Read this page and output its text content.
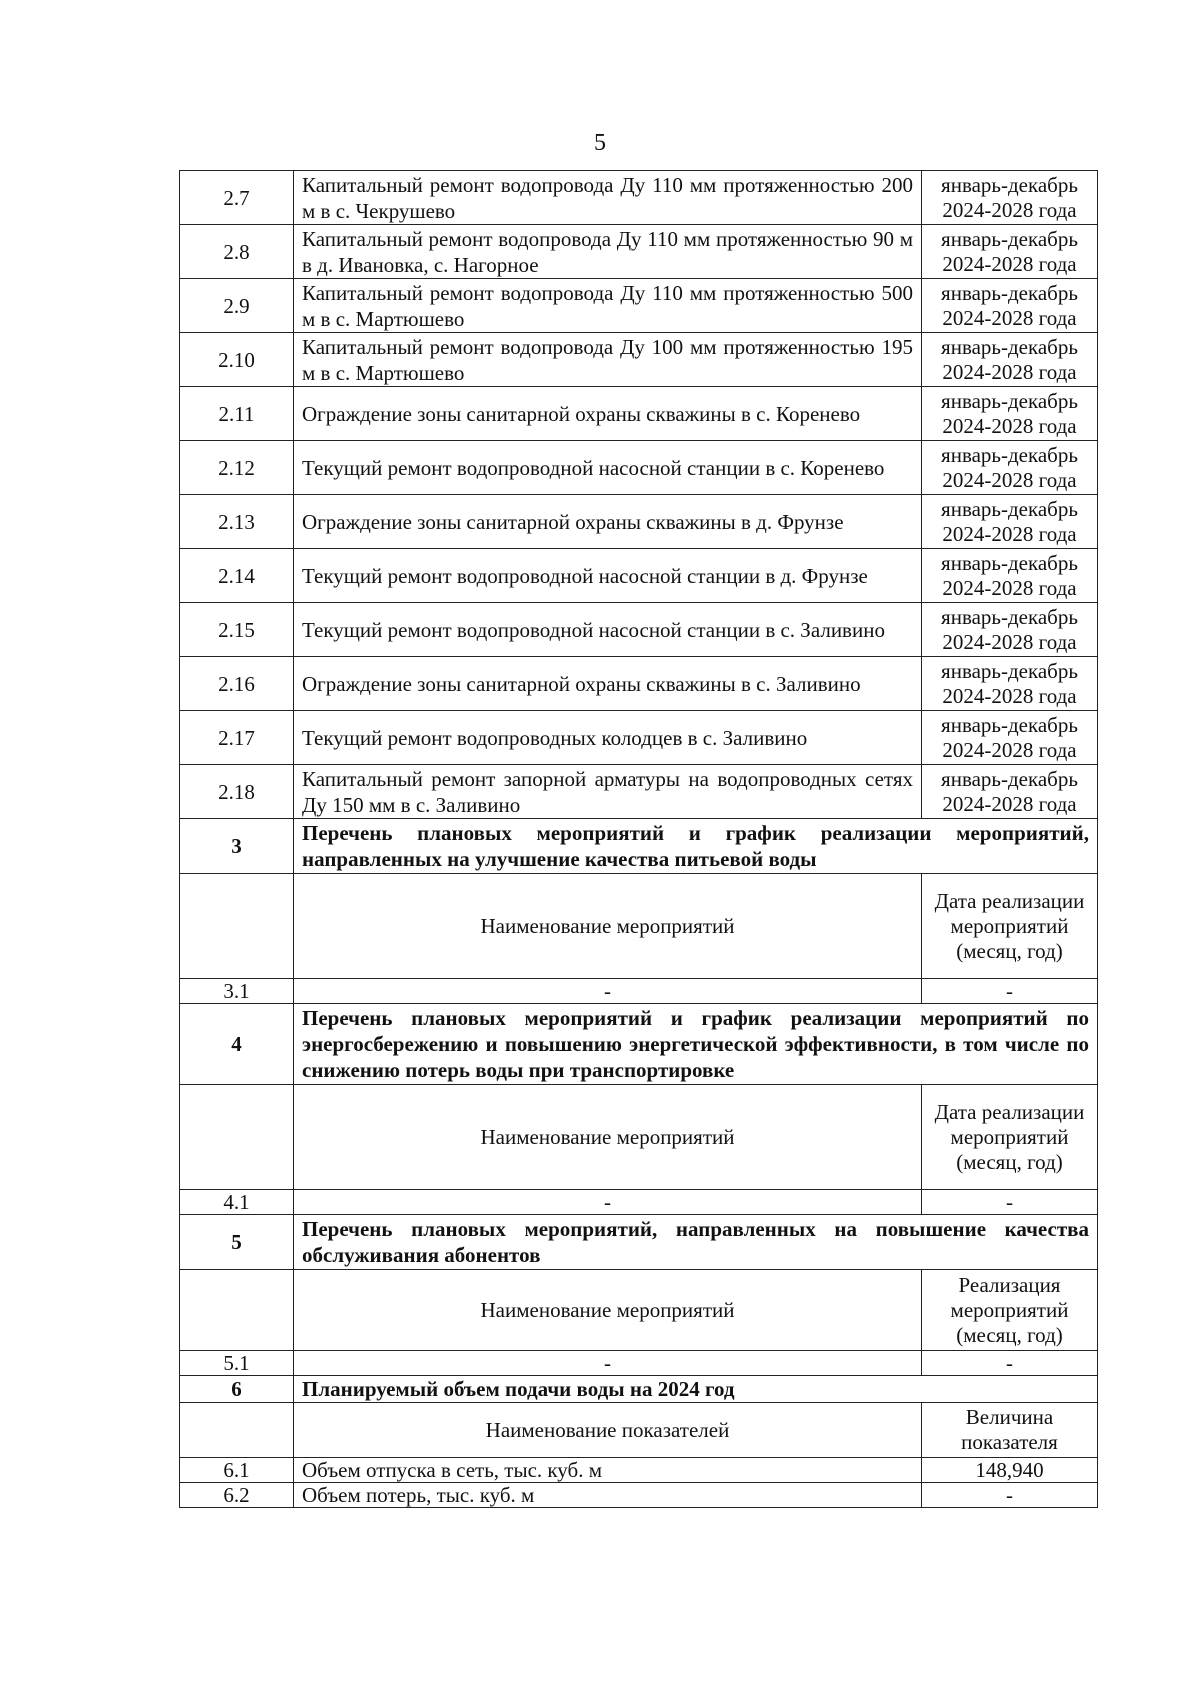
5
2.7	Капитальный ремонт водопровода Ду 110 мм протяженностью 200 м в с. Чекрушево	январь-декабрь 2024-2028 года
2.8	Капитальный ремонт водопровода Ду 110 мм протяженностью 90 м в д. Ивановка, с. Нагорное	январь-декабрь 2024-2028 года
2.9	Капитальный ремонт водопровода Ду 110 мм протяженностью 500 м в с. Мартюшево	январь-декабрь 2024-2028 года
2.10	Капитальный ремонт водопровода Ду 100 мм протяженностью 195 м в с. Мартюшево	январь-декабрь 2024-2028 года
2.11	Ограждение зоны санитарной охраны скважины в с. Коренево	январь-декабрь 2024-2028 года
2.12	Текущий ремонт водопроводной насосной станции в с. Коренево	январь-декабрь 2024-2028 года
2.13	Ограждение зоны санитарной охраны скважины в д. Фрунзе	январь-декабрь 2024-2028 года
2.14	Текущий ремонт водопроводной насосной станции в д. Фрунзе	январь-декабрь 2024-2028 года
2.15	Текущий ремонт водопроводной насосной станции в с. Заливино	январь-декабрь 2024-2028 года
2.16	Ограждение зоны санитарной охраны скважины в с. Заливино	январь-декабрь 2024-2028 года
2.17	Текущий ремонт водопроводных колодцев в с. Заливино	январь-декабрь 2024-2028 года
2.18	Капитальный ремонт запорной арматуры на водопроводных сетях Ду 150 мм в с. Заливино	январь-декабрь 2024-2028 года
3	Перечень плановых мероприятий и график реализации мероприятий, направленных на улучшение качества питьевой воды	
	Наименование мероприятий	Дата реализации мероприятий (месяц, год)
3.1	-	-
4	Перечень плановых мероприятий и график реализации мероприятий по энергосбережению и повышению энергетической эффективности, в том числе по снижению потерь воды при транспортировке	
	Наименование мероприятий	Дата реализации мероприятий (месяц, год)
4.1	-	-
5	Перечень плановых мероприятий, направленных на повышение качества обслуживания абонентов	
	Наименование мероприятий	Реализация мероприятий (месяц, год)
5.1	-	-
6	Планируемый объем подачи воды на 2024 год	
	Наименование показателей	Величина показателя
6.1	Объем отпуска в сеть, тыс. куб. м	148,940
6.2	Объем потерь, тыс. куб. м	-
